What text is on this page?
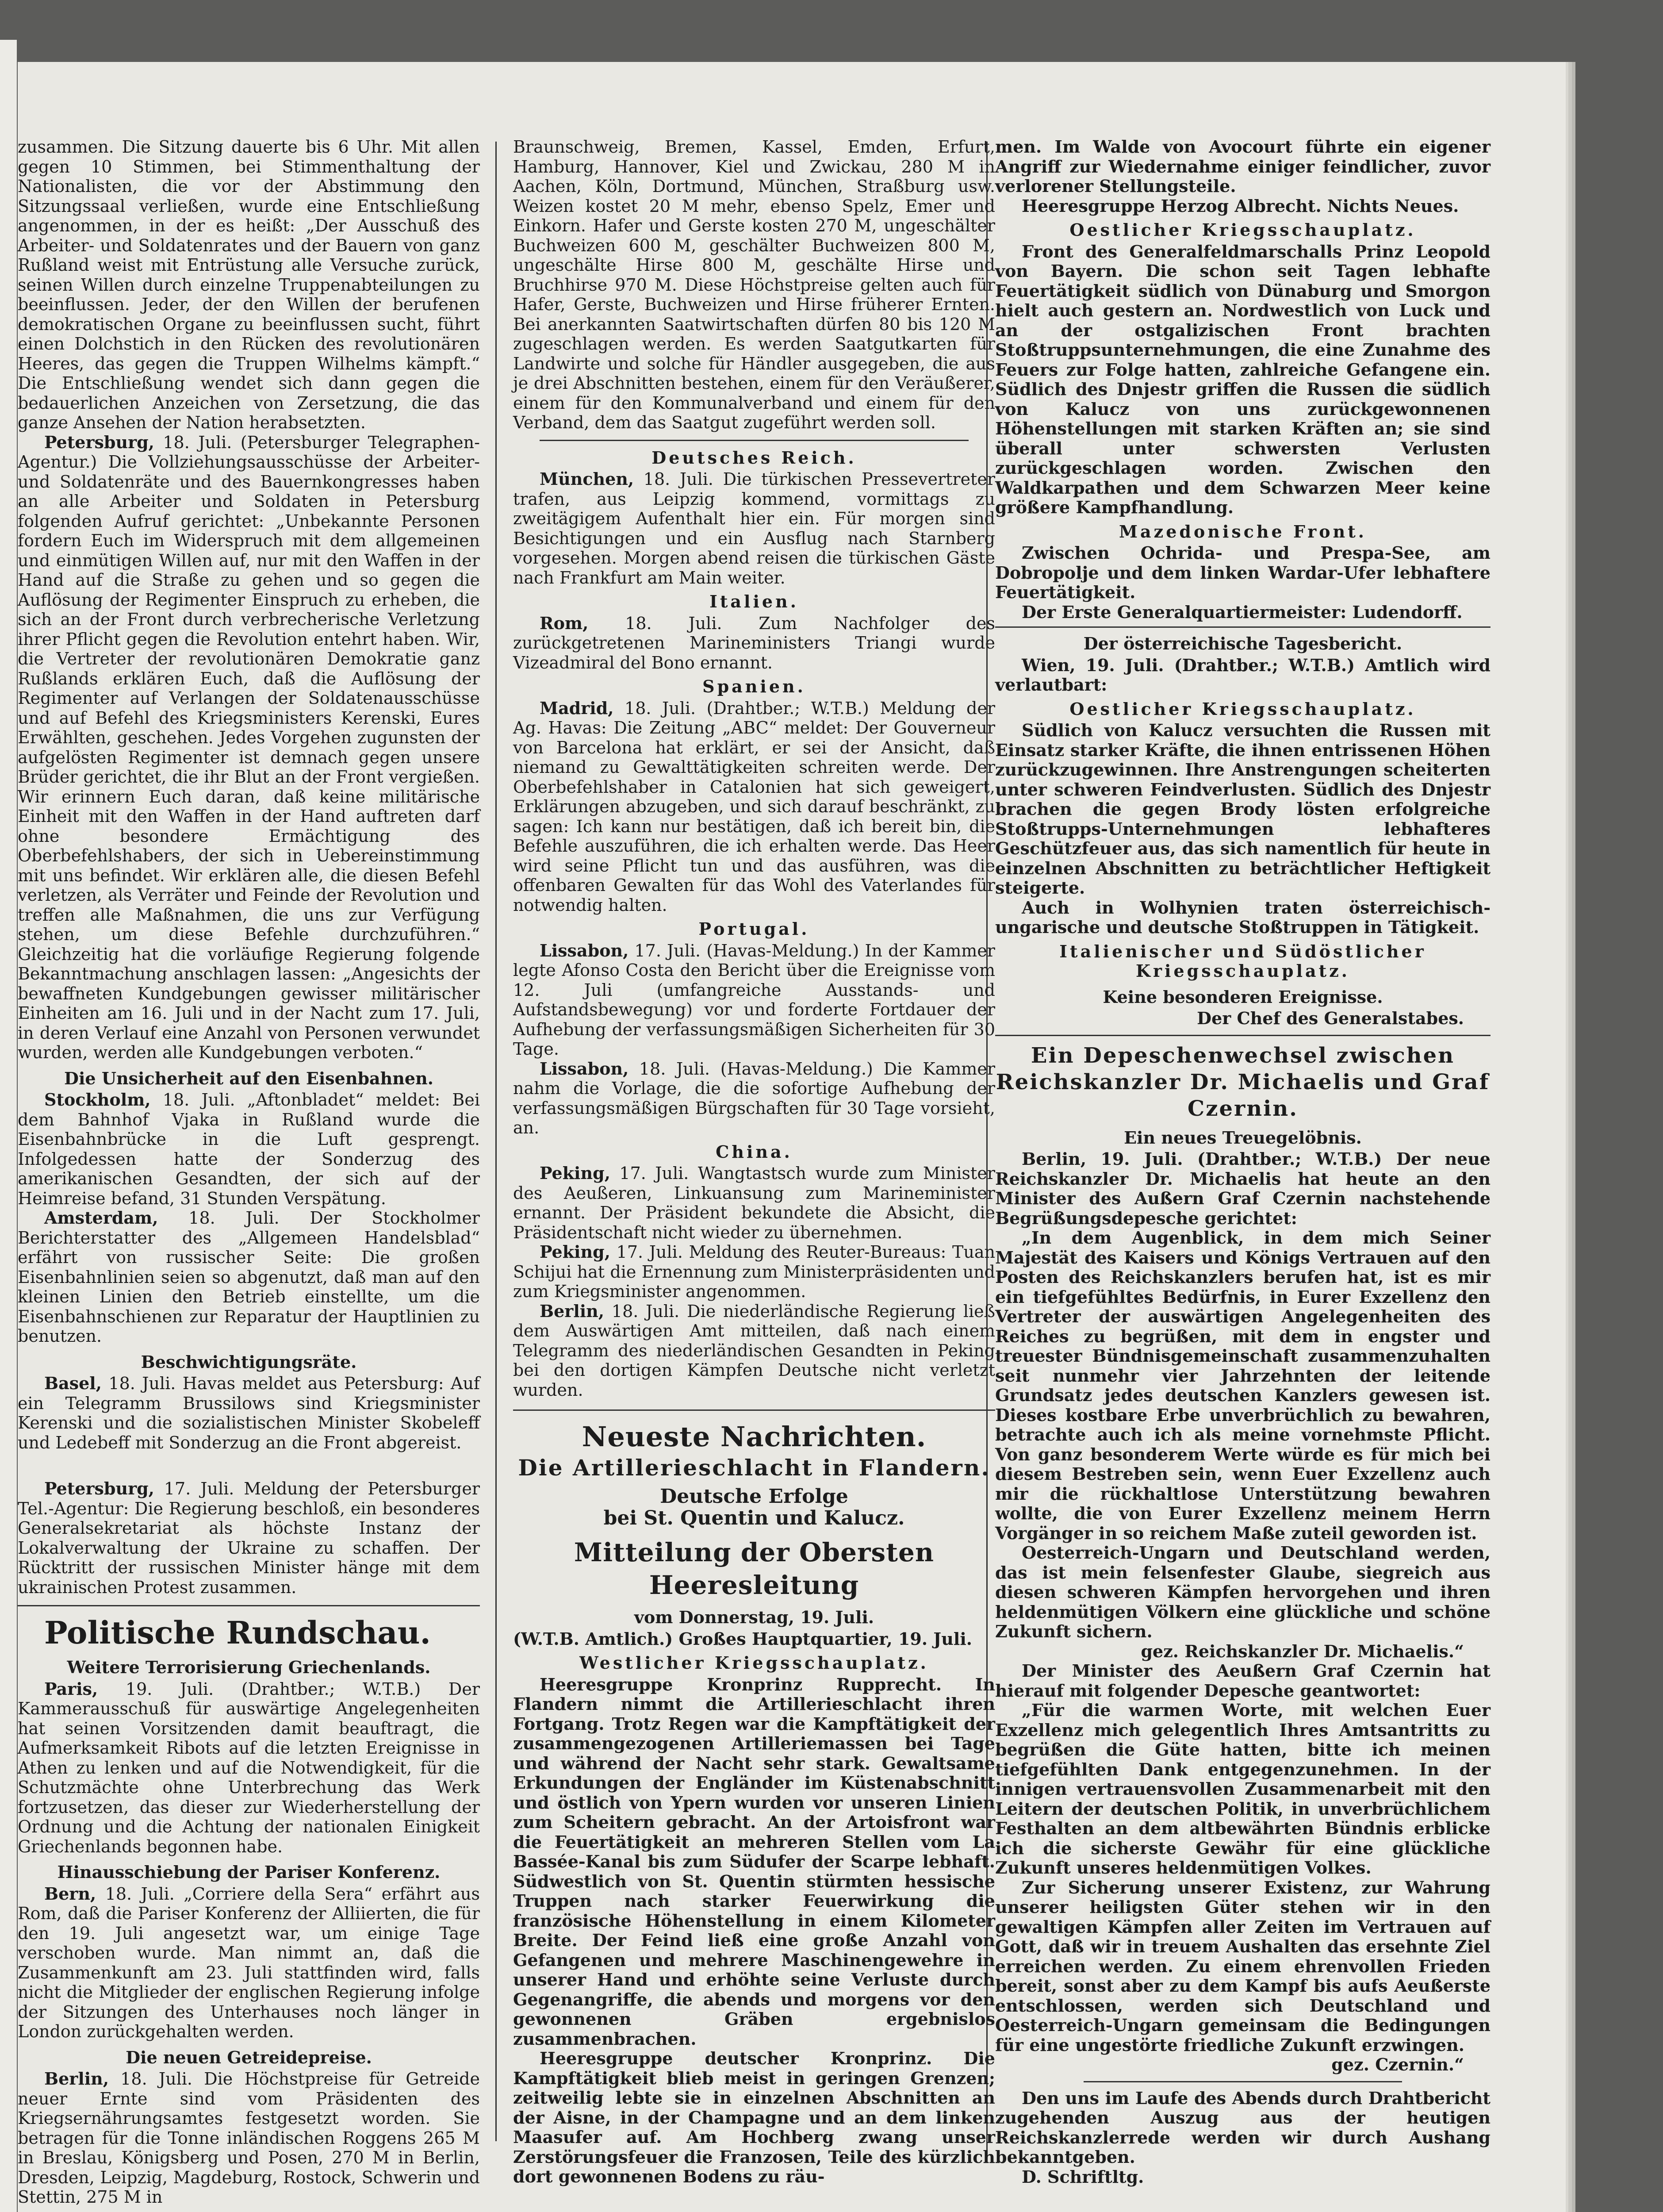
zusammen. Die Sitzung dauerte bis 6 Uhr. Mit allen gegen 10 Stimmen, bei Stimmenthaltung der Nationalisten, die vor der Abstimmung den Sitzungssaal verließen, wurde eine Entschließung angenommen, in der es heißt: „Der Ausschuß des Arbeiter- und Soldatenrates und der Bauern von ganz Rußland weist mit Entrüstung alle Versuche zurück, seinen Willen durch einzelne Truppenabteilungen zu beeinflussen. Jeder, der den Willen der berufenen demokratischen Organe zu beeinflussen sucht, führt einen Dolchstich in den Rücken des revolutionären Heeres, das gegen die Truppen Wilhelms kämpft.“ Die Entschließung wendet sich dann gegen die bedauerlichen Anzeichen von Zersetzung, die das ganze Ansehen der Nation herabsetzten.

Petersburg, 18. Juli. (Petersburger Telegraphen-Agentur.) Die Vollziehungsausschüsse der Arbeiter- und Soldatenräte und des Bauernkongresses haben an alle Arbeiter und Soldaten in Petersburg folgenden Aufruf gerichtet: „Unbekannte Personen fordern Euch im Widerspruch mit dem allgemeinen und einmütigen Willen auf, nur mit den Waffen in der Hand auf die Straße zu gehen und so gegen die Auflösung der Regimenter Einspruch zu erheben, die sich an der Front durch verbrecherische Verletzung ihrer Pflicht gegen die Revolution entehrt haben. Wir, die Vertreter der revolutionären Demokratie ganz Rußlands erklären Euch, daß die Auflösung der Regimenter auf Verlangen der Soldatenausschüsse und auf Befehl des Kriegsministers Kerenski, Eures Erwählten, geschehen. Jedes Vorgehen zugunsten der aufgelösten Regimenter ist demnach gegen unsere Brüder gerichtet, die ihr Blut an der Front vergießen. Wir erinnern Euch daran, daß keine militärische Einheit mit den Waffen in der Hand auftreten darf ohne besondere Ermächtigung des Oberbefehlshabers, der sich in Uebereinstimmung mit uns befindet. Wir erklären alle, die diesen Befehl verletzen, als Verräter und Feinde der Revolution und treffen alle Maßnahmen, die uns zur Verfügung stehen, um diese Befehle durchzuführen.“ Gleichzeitig hat die vorläufige Regierung folgende Bekanntmachung anschlagen lassen: „Angesichts der bewaffneten Kundgebungen gewisser militärischer Einheiten am 16. Juli und in der Nacht zum 17. Juli, in deren Verlauf eine Anzahl von Personen verwundet wurden, werden alle Kundgebungen verboten.“

Die Unsicherheit auf den Eisenbahnen.

Stockholm, 18. Juli. „Aftonbladet“ meldet: Bei dem Bahnhof Vjaka in Rußland wurde die Eisenbahnbrücke in die Luft gesprengt. Infolgedessen hatte der Sonderzug des amerikanischen Gesandten, der sich auf der Heimreise befand, 31 Stunden Verspätung.

Amsterdam, 18. Juli. Der Stockholmer Berichterstatter des „Allgemeen Handelsblad“ erfährt von russischer Seite: Die großen Eisenbahnlinien seien so abgenutzt, daß man auf den kleinen Linien den Betrieb einstellte, um die Eisenbahnschienen zur Reparatur der Hauptlinien zu benutzen.

Beschwichtigungsräte.

Basel, 18. Juli. Havas meldet aus Petersburg: Auf ein Telegramm Brussilows sind Kriegsminister Kerenski und die sozialistischen Minister Skobeleff und Ledebeff mit Sonderzug an die Front abgereist.

Petersburg, 17. Juli. Meldung der Petersburger Tel.-Agentur: Die Regierung beschloß, ein besonderes Generalsekretariat als höchste Instanz der Lokalverwaltung der Ukraine zu schaffen. Der Rücktritt der russischen Minister hänge mit dem ukrainischen Protest zusammen.

Politische Rundschau.
Weitere Terrorisierung Griechenlands.

Paris, 19. Juli. (Drahtber.; W.T.B.) Der Kammerausschuß für auswärtige Angelegenheiten hat seinen Vorsitzenden damit beauftragt, die Aufmerksamkeit Ribots auf die letzten Ereignisse in Athen zu lenken und auf die Notwendigkeit, für die Schutzmächte ohne Unterbrechung das Werk fortzusetzen, das dieser zur Wiederherstellung der Ordnung und die Achtung der nationalen Einigkeit Griechenlands begonnen habe.

Hinausschiebung der Pariser Konferenz.

Bern, 18. Juli. „Corriere della Sera“ erfährt aus Rom, daß die Pariser Konferenz der Alliierten, die für den 19. Juli angesetzt war, um einige Tage verschoben wurde. Man nimmt an, daß die Zusammenkunft am 23. Juli stattfinden wird, falls nicht die Mitglieder der englischen Regierung infolge der Sitzungen des Unterhauses noch länger in London zurückgehalten werden.

Die neuen Getreidepreise.

Berlin, 18. Juli. Die Höchstpreise für Getreide neuer Ernte sind vom Präsidenten des Kriegsernährungsamtes festgesetzt worden. Sie betragen für die Tonne inländischen Roggens 265 M in Breslau, Königsberg und Posen, 270 M in Berlin, Dresden, Leipzig, Magdeburg, Rostock, Schwerin und Stettin, 275 M in

Braunschweig, Bremen, Kassel, Emden, Erfurt, Hamburg, Hannover, Kiel und Zwickau, 280 M in Aachen, Köln, Dortmund, München, Straßburg usw. Weizen kostet 20 M mehr, ebenso Spelz, Emer und Einkorn. Hafer und Gerste kosten 270 M, ungeschälter Buchweizen 600 M, geschälter Buchweizen 800 M, ungeschälte Hirse 800 M, geschälte Hirse und Bruchhirse 970 M. Diese Höchstpreise gelten auch für Hafer, Gerste, Buchweizen und Hirse früherer Ernten. Bei anerkannten Saatwirtschaften dürfen 80 bis 120 M zugeschlagen werden. Es werden Saatgutkarten für Landwirte und solche für Händler ausgegeben, die aus je drei Abschnitten bestehen, einem für den Veräußerer, einem für den Kommunalverband und einem für den Verband, dem das Saatgut zugeführt werden soll.

Deutsches Reich.

München, 18. Juli. Die türkischen Pressevertreter trafen, aus Leipzig kommend, vormittags zu zweitägigem Aufenthalt hier ein. Für morgen sind Besichtigungen und ein Ausflug nach Starnberg vorgesehen. Morgen abend reisen die türkischen Gäste nach Frankfurt am Main weiter.

Italien.

Rom, 18. Juli. Zum Nachfolger des zurückgetretenen Marineministers Triangi wurde Vizeadmiral del Bono ernannt.

Spanien.

Madrid, 18. Juli. (Drahtber.; W.T.B.) Meldung der Ag. Havas: Die Zeitung „ABC“ meldet: Der Gouverneur von Barcelona hat erklärt, er sei der Ansicht, daß niemand zu Gewalttätigkeiten schreiten werde. Der Oberbefehlshaber in Catalonien hat sich geweigert, Erklärungen abzugeben, und sich darauf beschränkt, zu sagen: Ich kann nur bestätigen, daß ich bereit bin, die Befehle auszuführen, die ich erhalten werde. Das Heer wird seine Pflicht tun und das ausführen, was die offenbaren Gewalten für das Wohl des Vaterlandes für notwendig halten.

Portugal.

Lissabon, 17. Juli. (Havas-Meldung.) In der Kammer legte Afonso Costa den Bericht über die Ereignisse vom 12. Juli (umfangreiche Ausstands- und Aufstandsbewegung) vor und forderte Fortdauer der Aufhebung der verfassungsmäßigen Sicherheiten für 30 Tage.

Lissabon, 18. Juli. (Havas-Meldung.) Die Kammer nahm die Vorlage, die die sofortige Aufhebung der verfassungsmäßigen Bürgschaften für 30 Tage vorsieht, an.

China.

Peking, 17. Juli. Wangtastsch wurde zum Minister des Aeußeren, Linkuansung zum Marineminister ernannt. Der Präsident bekundete die Absicht, die Präsidentschaft nicht wieder zu übernehmen.

Peking, 17. Juli. Meldung des Reuter-Bureaus: Tuan Schijui hat die Ernennung zum Ministerpräsidenten und zum Kriegsminister angenommen.

Berlin, 18. Juli. Die niederländische Regierung ließ dem Auswärtigen Amt mitteilen, daß nach einem Telegramm des niederländischen Gesandten in Peking bei den dortigen Kämpfen Deutsche nicht verletzt wurden.

Neueste Nachrichten.
Die Artillerieschlacht in Flandern.
Deutsche Erfolge
bei St. Quentin und Kalucz.
Mitteilung der Obersten Heeresleitung
vom Donnerstag, 19. Juli.

(W.T.B. Amtlich.) Großes Hauptquartier, 19. Juli.

Westlicher Kriegsschauplatz.

Heeresgruppe Kronprinz Rupprecht. In Flandern nimmt die Artillerieschlacht ihren Fortgang. Trotz Regen war die Kampftätigkeit der zusammengezogenen Artilleriemassen bei Tage und während der Nacht sehr stark. Gewaltsame Erkundungen der Engländer im Küstenabschnitt und östlich von Ypern wurden vor unseren Linien zum Scheitern gebracht. An der Artoisfront war die Feuertätigkeit an mehreren Stellen vom La Bassée-Kanal bis zum Südufer der Scarpe lebhaft. Südwestlich von St. Quentin stürmten hessische Truppen nach starker Feuerwirkung die französische Höhenstellung in einem Kilometer Breite. Der Feind ließ eine große Anzahl von Gefangenen und mehrere Maschinengewehre in unserer Hand und erhöhte seine Verluste durch Gegenangriffe, die abends und morgens vor den gewonnenen Gräben ergebnislos zusammenbrachen.

Heeresgruppe deutscher Kronprinz. Die Kampftätigkeit blieb meist in geringen Grenzen; zeitweilig lebte sie in einzelnen Abschnitten an der Aisne, in der Champagne und an dem linken Maasufer auf. Am Hochberg zwang unser Zerstörungsfeuer die Franzosen, Teile des kürzlich dort gewonnenen Bodens zu räu-

men. Im Walde von Avocourt führte ein eigener Angriff zur Wiedernahme einiger feindlicher, zuvor verlorener Stellungsteile.

Heeresgruppe Herzog Albrecht. Nichts Neues.

Oestlicher Kriegsschauplatz.

Front des Generalfeldmarschalls Prinz Leopold von Bayern. Die schon seit Tagen lebhafte Feuertätigkeit südlich von Dünaburg und Smorgon hielt auch gestern an. Nordwestlich von Luck und an der ostgalizischen Front brachten Stoßtruppsunternehmungen, die eine Zunahme des Feuers zur Folge hatten, zahlreiche Gefangene ein. Südlich des Dnjestr griffen die Russen die südlich von Kalucz von uns zurückgewonnenen Höhenstellungen mit starken Kräften an; sie sind überall unter schwersten Verlusten zurückgeschlagen worden. Zwischen den Waldkarpathen und dem Schwarzen Meer keine größere Kampfhandlung.

Mazedonische Front.

Zwischen Ochrida- und Prespa-See, am Dobropolje und dem linken Wardar-Ufer lebhaftere Feuertätigkeit.

Der Erste Generalquartiermeister: Ludendorff.

Der österreichische Tagesbericht.

Wien, 19. Juli. (Drahtber.; W.T.B.) Amtlich wird verlautbart:

Oestlicher Kriegsschauplatz.

Südlich von Kalucz versuchten die Russen mit Einsatz starker Kräfte, die ihnen entrissenen Höhen zurückzugewinnen. Ihre Anstrengungen scheiterten unter schweren Feindverlusten. Südlich des Dnjestr brachen die gegen Brody lösten erfolgreiche Stoßtrupps-Unternehmungen lebhafteres Geschützfeuer aus, das sich namentlich für heute in einzelnen Abschnitten zu beträchtlicher Heftigkeit steigerte.

Auch in Wolhynien traten österreichisch-ungarische und deutsche Stoßtruppen in Tätigkeit.

Italienischer und Südöstlicher Kriegsschauplatz.
Keine besonderen Ereignisse.

Der Chef des Generalstabes.

Ein Depeschenwechsel zwischen Reichskanzler Dr. Michaelis und Graf Czernin.
Ein neues Treuegelöbnis.

Berlin, 19. Juli. (Drahtber.; W.T.B.) Der neue Reichskanzler Dr. Michaelis hat heute an den Minister des Außern Graf Czernin nachstehende Begrüßungsdepesche gerichtet:

„In dem Augenblick, in dem mich Seiner Majestät des Kaisers und Königs Vertrauen auf den Posten des Reichskanzlers berufen hat, ist es mir ein tiefgefühltes Bedürfnis, in Eurer Exzellenz den Vertreter der auswärtigen Angelegenheiten des Reiches zu begrüßen, mit dem in engster und treuester Bündnisgemeinschaft zusammenzuhalten seit nunmehr vier Jahrzehnten der leitende Grundsatz jedes deutschen Kanzlers gewesen ist. Dieses kostbare Erbe unverbrüchlich zu bewahren, betrachte auch ich als meine vornehmste Pflicht. Von ganz besonderem Werte würde es für mich bei diesem Bestreben sein, wenn Euer Exzellenz auch mir die rückhaltlose Unterstützung bewahren wollte, die von Eurer Exzellenz meinem Herrn Vorgänger in so reichem Maße zuteil geworden ist.

Oesterreich-Ungarn und Deutschland werden, das ist mein felsenfester Glaube, siegreich aus diesen schweren Kämpfen hervorgehen und ihren heldenmütigen Völkern eine glückliche und schöne Zukunft sichern.

gez. Reichskanzler Dr. Michaelis.“

Der Minister des Aeußern Graf Czernin hat hierauf mit folgender Depesche geantwortet:

„Für die warmen Worte, mit welchen Euer Exzellenz mich gelegentlich Ihres Amtsantritts zu begrüßen die Güte hatten, bitte ich meinen tiefgefühlten Dank entgegenzunehmen. In der innigen vertrauensvollen Zusammenarbeit mit den Leitern der deutschen Politik, in unverbrüchlichem Festhalten an dem altbewährten Bündnis erblicke ich die sicherste Gewähr für eine glückliche Zukunft unseres heldenmütigen Volkes.

Zur Sicherung unserer Existenz, zur Wahrung unserer heiligsten Güter stehen wir in den gewaltigen Kämpfen aller Zeiten im Vertrauen auf Gott, daß wir in treuem Aushalten das ersehnte Ziel erreichen werden. Zu einem ehrenvollen Frieden bereit, sonst aber zu dem Kampf bis aufs Aeußerste entschlossen, werden sich Deutschland und Oesterreich-Ungarn gemeinsam die Bedingungen für eine ungestörte friedliche Zukunft erzwingen.

gez. Czernin.“

Den uns im Laufe des Abends durch Drahtbericht zugehenden Auszug aus der heutigen Reichskanzlerrede werden wir durch Aushang bekanntgeben.

D. Schriftltg.
